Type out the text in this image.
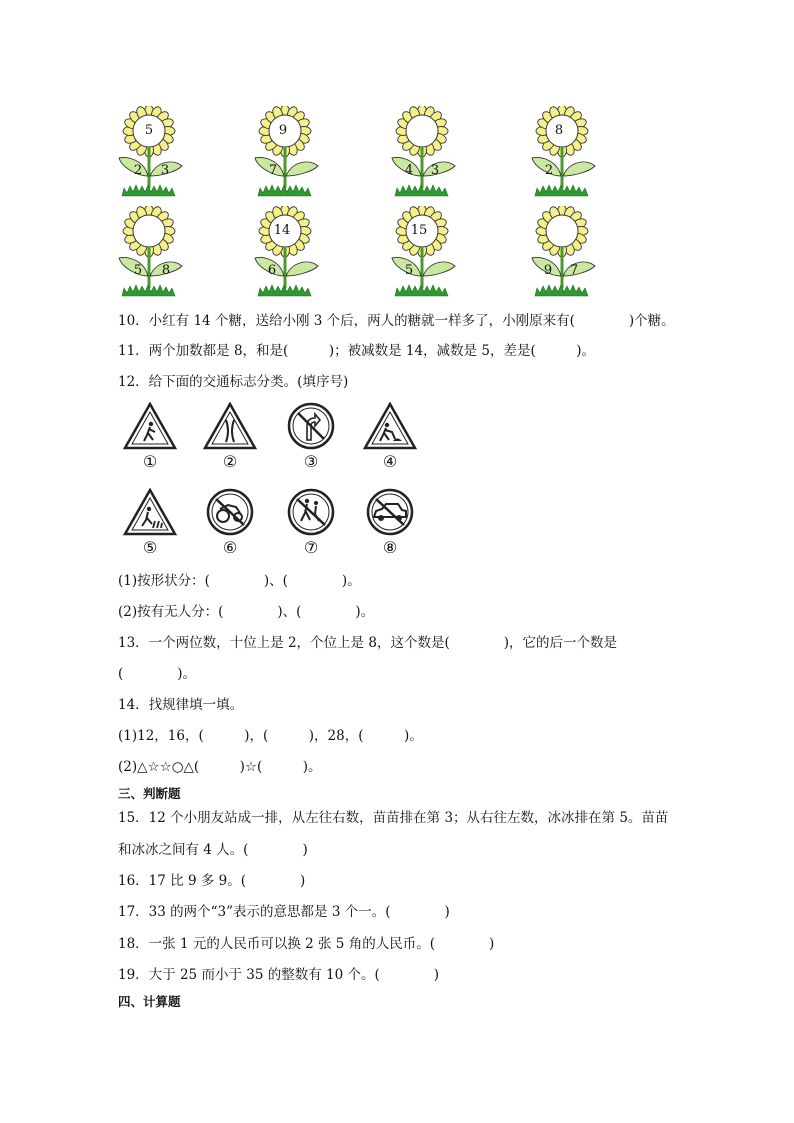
5
2	3
9
7	4	3
8
2
5	8
14
6
15
5	9	7
10．小红有 14 个糖，送给小刚 3 个后，两人的糖就一样多了，小刚原来有(　　　　)个糖。
11．两个加数都是 8，和是(　　　)；被减数是 14，减数是 5，差是(　　　)。
12．给下面的交通标志分类。(填序号)
①	②	③	④
⑤	⑥	⑦	⑧
(1)按形状分：(　　　　)、(　　　　)。
(2)按有无人分：(　　　　)、(　　　　)。
13．一个两位数，十位上是 2，个位上是 8，这个数是(　　　　)，它的后一个数是
(　　　　)。
14．找规律填一填。
(1)12，16，(　　　)，(　　　)，28，(　　　)。
(2)△☆☆○△(　　　)☆(　　　)。
三、判断题
15．12 个小朋友站成一排，从左往右数，苗苗排在第 3；从右往左数，冰冰排在第 5。苗苗
和冰冰之间有 4 人。(　　　　)
16．17 比 9 多 9。(　　　　)
17．33 的两个“3”表示的意思都是 3 个一。(　　　　)
18．一张 1 元的人民币可以换 2 张 5 角的人民币。(　　　　)
19．大于 25 而小于 35 的整数有 10 个。(　　　　)
四、计算题
